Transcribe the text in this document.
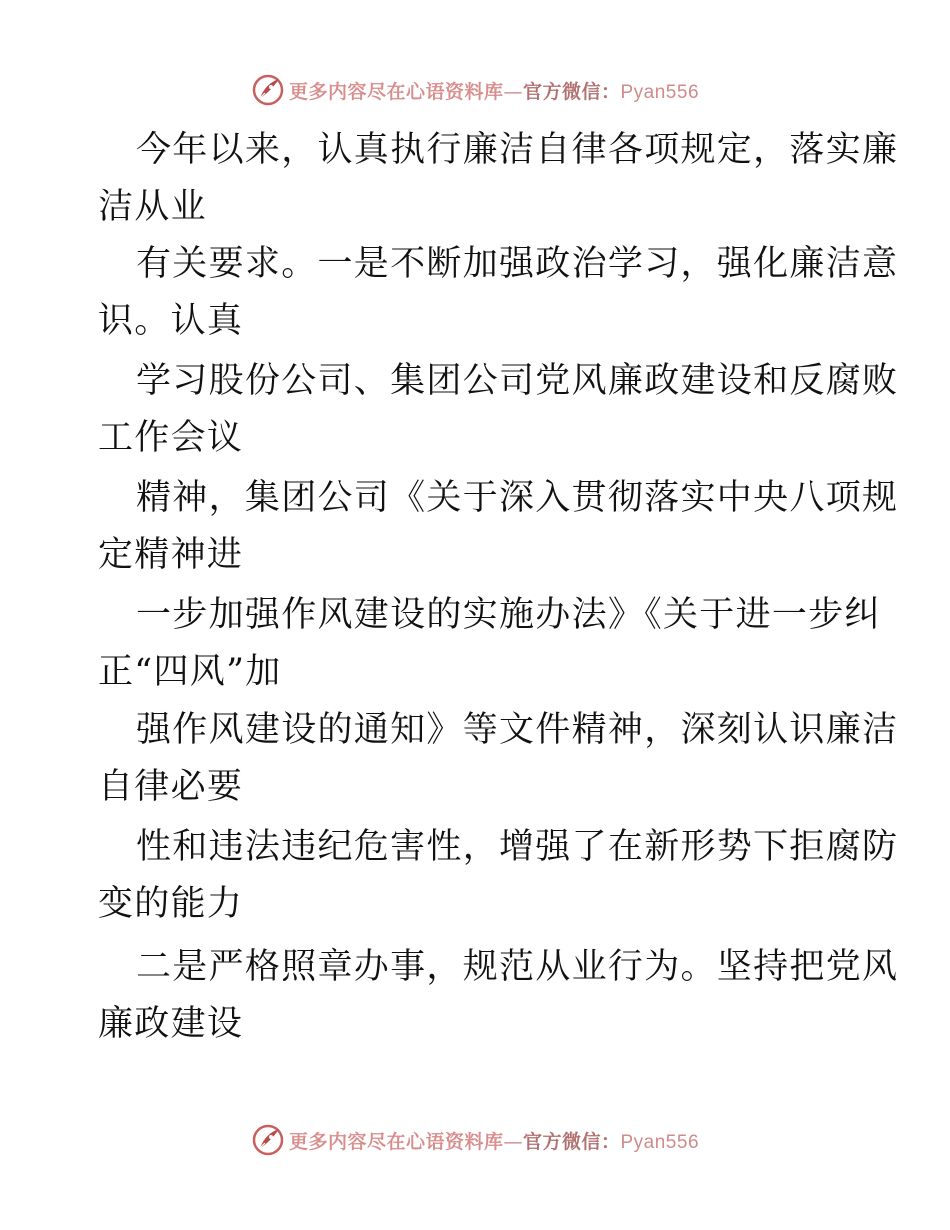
更多内容尽在心语资料库—官方微信：Pyan556
今年以来，认真执行廉洁自律各项规定，落实廉
洁从业
有关要求。一是不断加强政治学习，强化廉洁意
识。认真
学习股份公司、集团公司党风廉政建设和反腐败
工作会议
精神，集团公司《关于深入贯彻落实中央八项规
定精神进
一步加强作风建设的实施办法》《关于进一步纠
正“四风”加
强作风建设的通知》等文件精神，深刻认识廉洁
自律必要
性和违法违纪危害性，增强了在新形势下拒腐防
变的能力
二是严格照章办事，规范从业行为。坚持把党风
廉政建设
更多内容尽在心语资料库—官方微信：Pyan556
